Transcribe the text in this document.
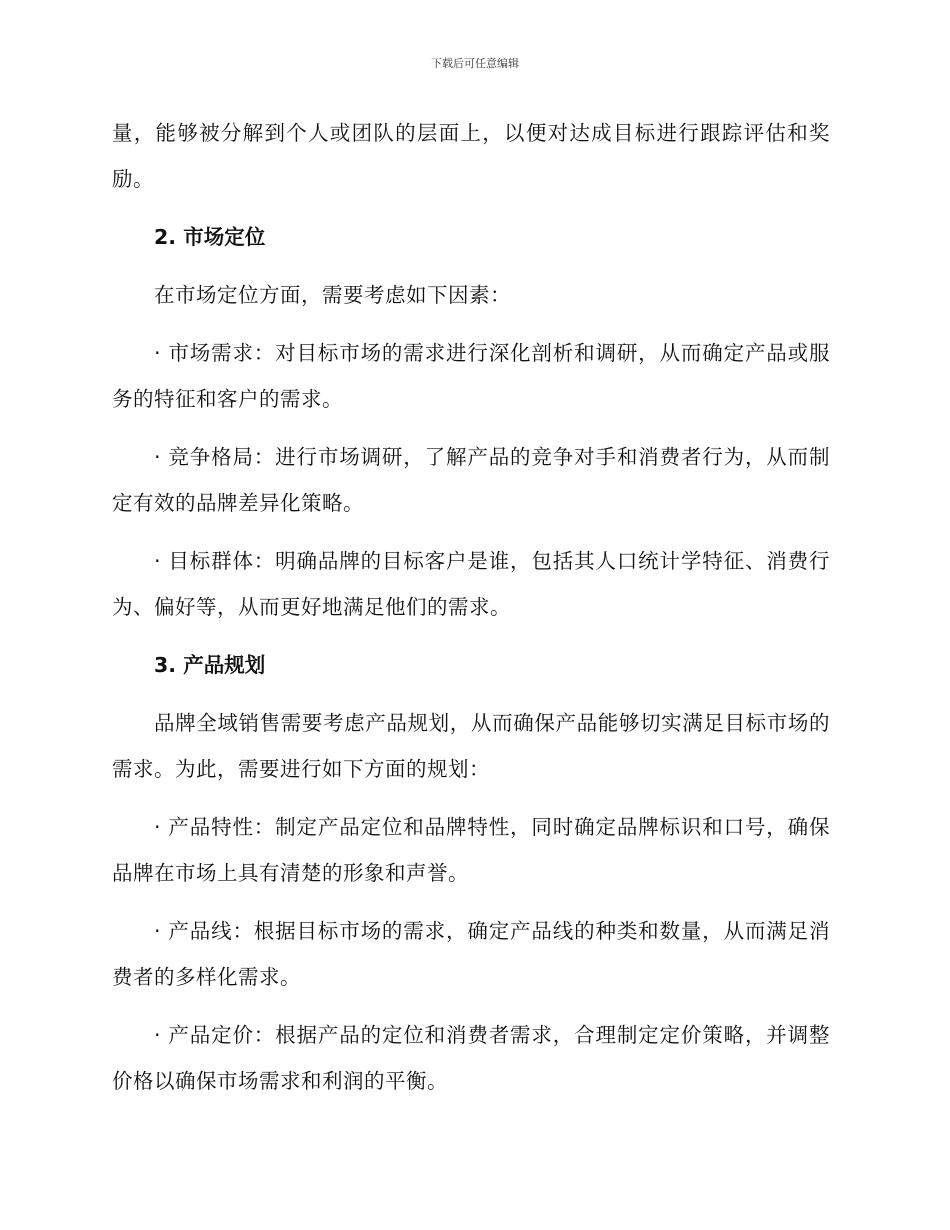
下载后可任意编辑

量，能够被分解到个人或团队的层面上，以便对达成目标进行跟踪评估和奖励。

2. 市场定位

在市场定位方面，需要考虑如下因素：

· 市场需求：对目标市场的需求进行深化剖析和调研，从而确定产品或服务的特征和客户的需求。

· 竞争格局：进行市场调研，了解产品的竞争对手和消费者行为，从而制定有效的品牌差异化策略。

· 目标群体：明确品牌的目标客户是谁，包括其人口统计学特征、消费行为、偏好等，从而更好地满足他们的需求。

3. 产品规划

品牌全域销售需要考虑产品规划，从而确保产品能够切实满足目标市场的需求。为此，需要进行如下方面的规划：

· 产品特性：制定产品定位和品牌特性，同时确定品牌标识和口号，确保品牌在市场上具有清楚的形象和声誉。

· 产品线：根据目标市场的需求，确定产品线的种类和数量，从而满足消费者的多样化需求。

· 产品定价：根据产品的定位和消费者需求，合理制定定价策略，并调整价格以确保市场需求和利润的平衡。
